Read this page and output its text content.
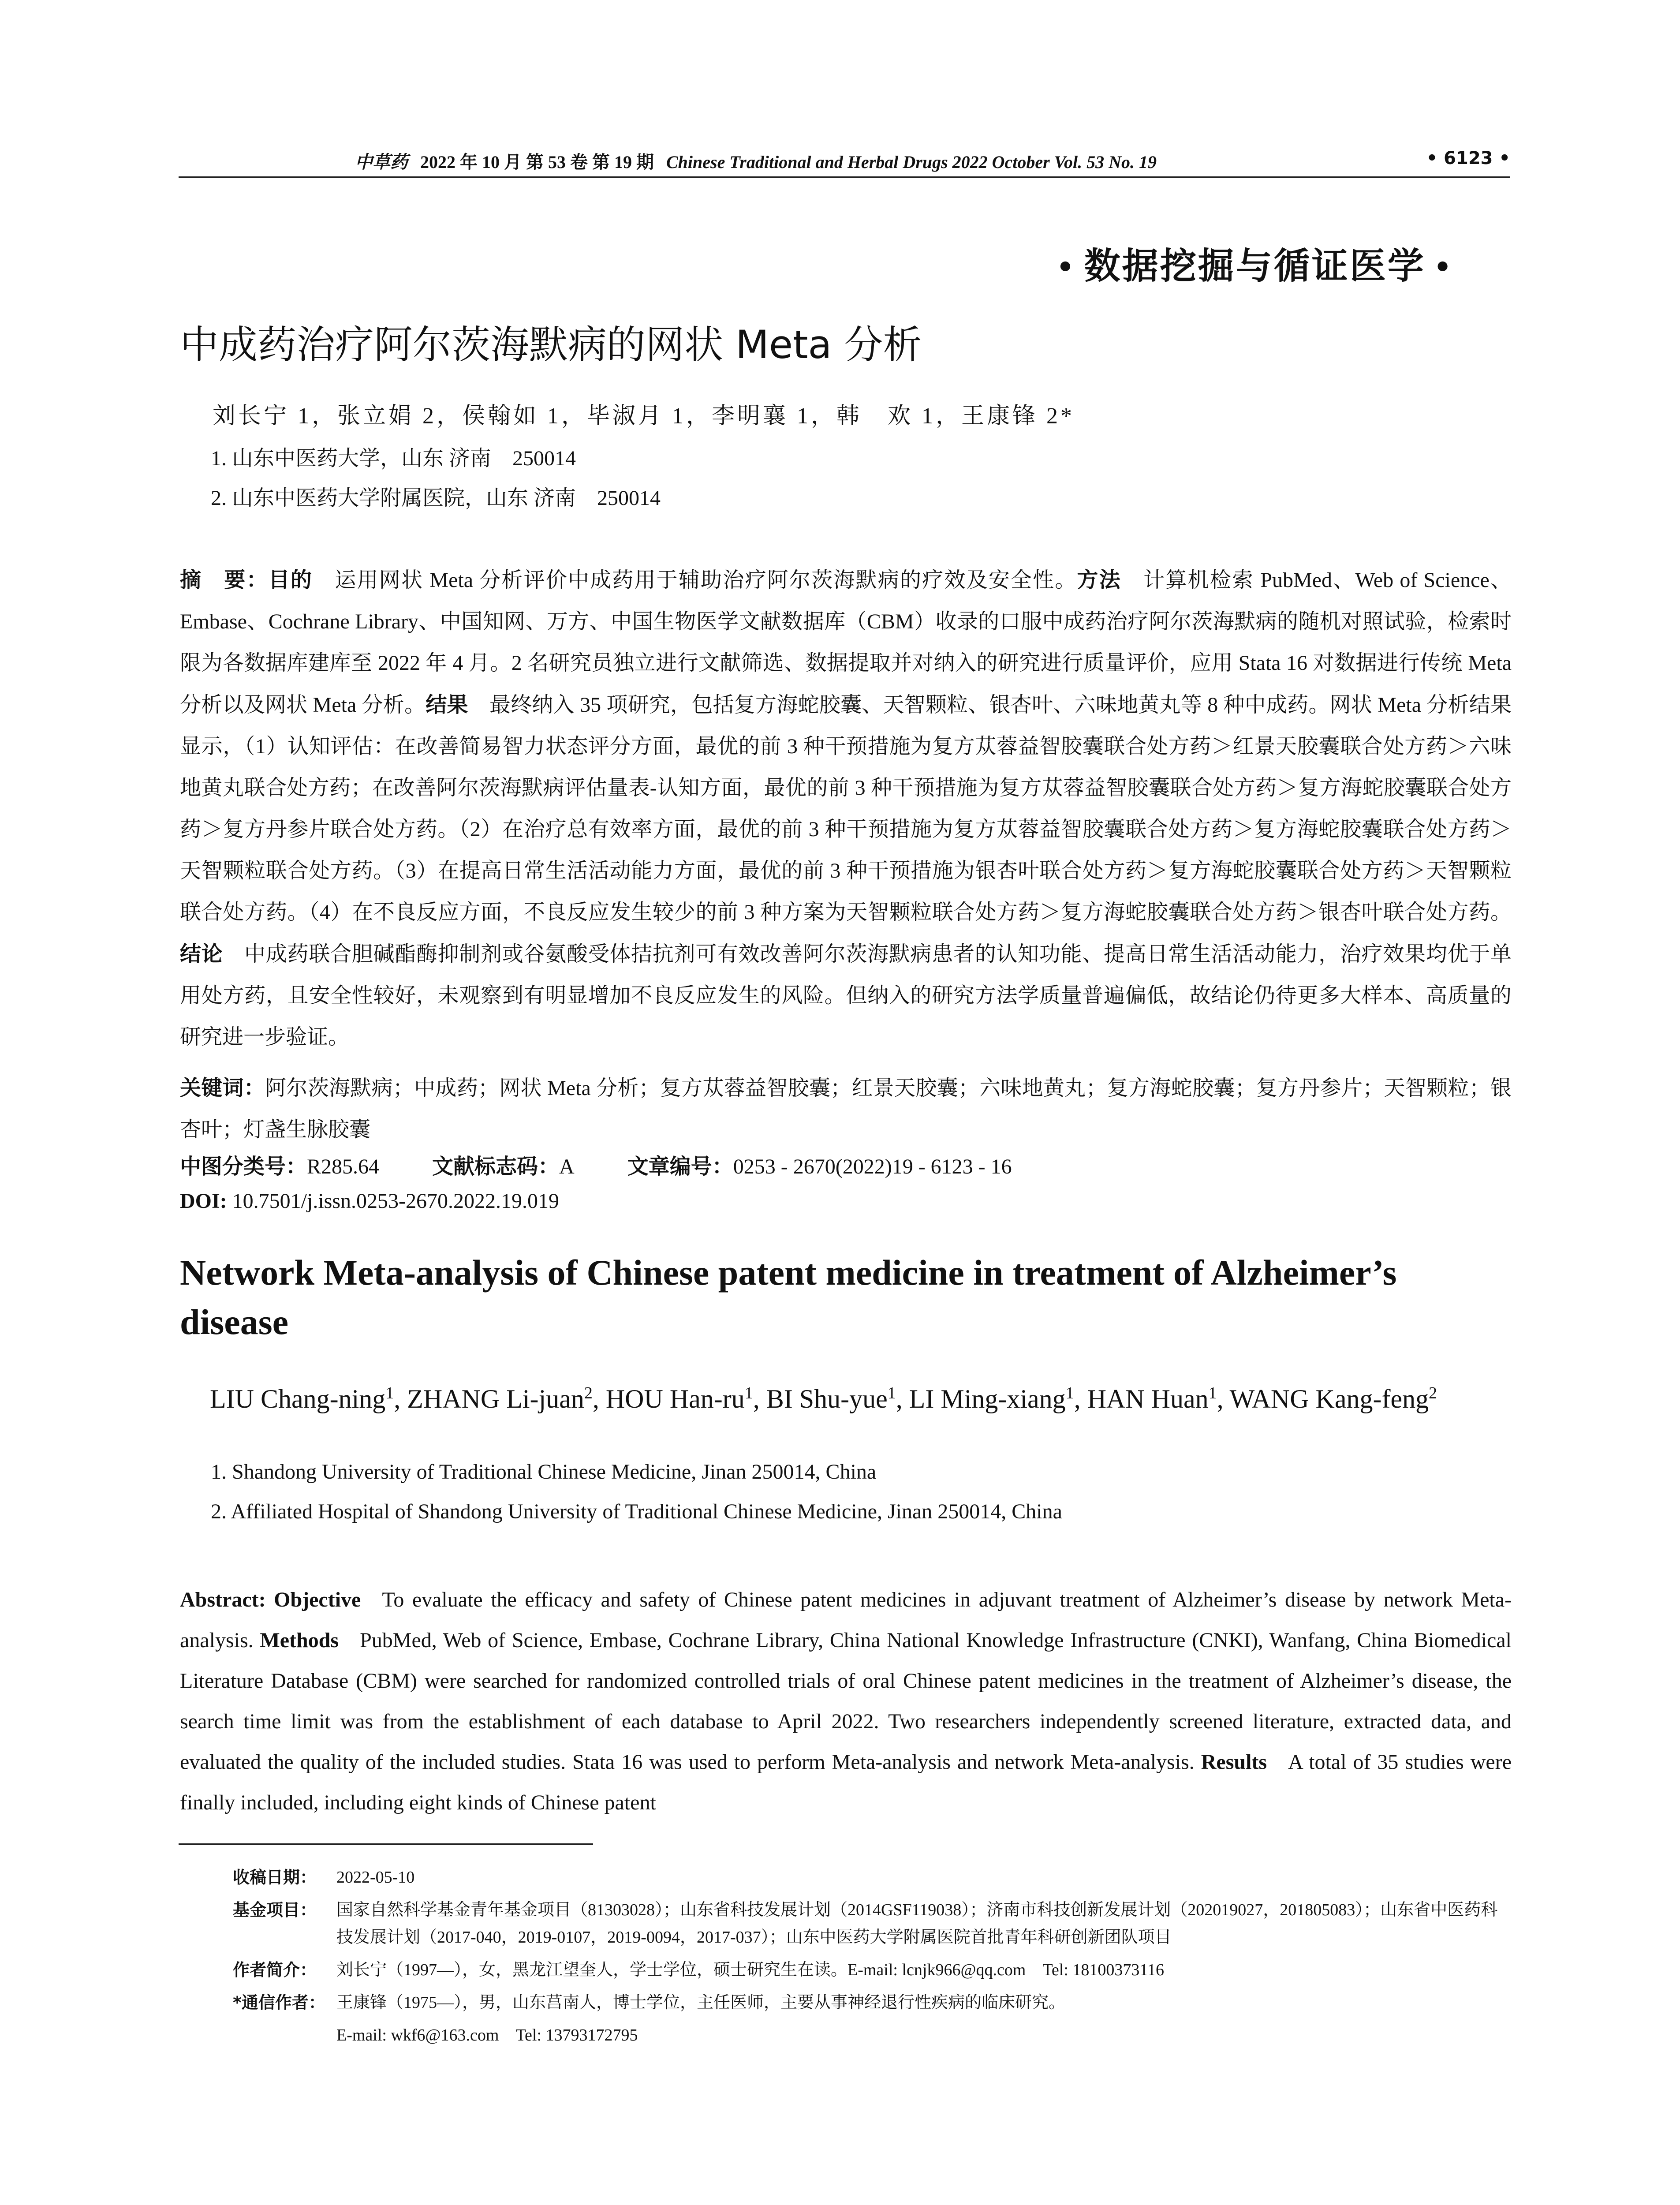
中草药 2022 年 10 月 第 53 卷 第 19 期 Chinese Traditional and Herbal Drugs 2022 October Vol. 53 No. 19	• 6123 •
• 数据挖掘与循证医学 •
中成药治疗阿尔茨海默病的网状 Meta 分析
刘长宁 1，张立娟 2，侯翰如 1，毕淑月 1，李明襄 1，韩　欢 1，王康锋 2*
1. 山东中医药大学，山东 济南　250014
2. 山东中医药大学附属医院，山东 济南　250014
摘　要：目的 运用网状 Meta 分析评价中成药用于辅助治疗阿尔茨海默病的疗效及安全性。方法 计算机检索 PubMed、Web of Science、Embase、Cochrane Library、中国知网、万方、中国生物医学文献数据库（CBM）收录的口服中成药治疗阿尔茨海默病的随机对照试验，检索时限为各数据库建库至 2022 年 4 月。2 名研究员独立进行文献筛选、数据提取并对纳入的研究进行质量评价，应用 Stata 16 对数据进行传统 Meta 分析以及网状 Meta 分析。结果 最终纳入 35 项研究，包括复方海蛇胶囊、天智颗粒、银杏叶、六味地黄丸等 8 种中成药。网状 Meta 分析结果显示，（1）认知评估：在改善简易智力状态评分方面，最优的前 3 种干预措施为复方苁蓉益智胶囊联合处方药＞红景天胶囊联合处方药＞六味地黄丸联合处方药；在改善阿尔茨海默病评估量表-认知方面，最优的前 3 种干预措施为复方苁蓉益智胶囊联合处方药＞复方海蛇胶囊联合处方药＞复方丹参片联合处方药。（2）在治疗总有效率方面，最优的前 3 种干预措施为复方苁蓉益智胶囊联合处方药＞复方海蛇胶囊联合处方药＞天智颗粒联合处方药。（3）在提高日常生活活动能力方面，最优的前 3 种干预措施为银杏叶联合处方药＞复方海蛇胶囊联合处方药＞天智颗粒联合处方药。（4）在不良反应方面，不良反应发生较少的前 3 种方案为天智颗粒联合处方药＞复方海蛇胶囊联合处方药＞银杏叶联合处方药。结论 中成药联合胆碱酯酶抑制剂或谷氨酸受体拮抗剂可有效改善阿尔茨海默病患者的认知功能、提高日常生活活动能力，治疗效果均优于单用处方药，且安全性较好，未观察到有明显增加不良反应发生的风险。但纳入的研究方法学质量普遍偏低，故结论仍待更多大样本、高质量的研究进一步验证。
关键词：阿尔茨海默病；中成药；网状 Meta 分析；复方苁蓉益智胶囊；红景天胶囊；六味地黄丸；复方海蛇胶囊；复方丹参片；天智颗粒；银杏叶；灯盏生脉胶囊
中图分类号：R285.64	文献标志码：A	文章编号：0253 - 2670(2022)19 - 6123 - 16
DOI: 10.7501/j.issn.0253-2670.2022.19.019
Network Meta-analysis of Chinese patent medicine in treatment of Alzheimer’s disease
LIU Chang-ning$^1$, ZHANG Li-juan$^2$, HOU Han-$ru^1$, BI Shu-yue$^1$, LI Ming-xiang$^1$, HAN Huan$^1$, WANG Kang-feng$^2$
1. Shandong University of Traditional Chinese Medicine, Jinan 250014, China
2. Affiliated Hospital of Shandong University of Traditional Chinese Medicine, Jinan 250014, China
Abstract: Objective To evaluate the efficacy and safety of Chinese patent medicines in adjuvant treatment of Alzheimer’s disease by network Meta-analysis. Methods PubMed, Web of Science, Embase, Cochrane Library, China National Knowledge Infrastructure (CNKI), Wanfang, China Biomedical Literature Database (CBM) were searched for randomized controlled trials of oral Chinese patent medicines in the treatment of Alzheimer’s disease, the search time limit was from the establishment of each database to April 2022. Two researchers independently screened literature, extracted data, and evaluated the quality of the included studies. Stata 16 was used to perform Meta-analysis and network Meta-analysis. Results A total of 35 studies were finally included, including eight kinds of Chinese patent
收稿日期： 2022-05-10
基金项目： 国家自然科学基金青年基金项目（81303028）；山东省科技发展计划（2014GSF119038）；济南市科技创新发展计划（202019027，201805083）；山东省中医药科技发展计划（2017-040，2019-0107，2019-0094，2017-037）；山东中医药大学附属医院首批青年科研创新团队项目
作者简介： 刘长宁（1997—），女，黑龙江望奎人，学士学位，硕士研究生在读。E-mail: lcnjk966@qq.com　Tel: 18100373116
*通信作者： 王康锋（1975—），男，山东莒南人，博士学位，主任医师，主要从事神经退行性疾病的临床研究。
E-mail: wkf6@163.com　Tel: 13793172795
